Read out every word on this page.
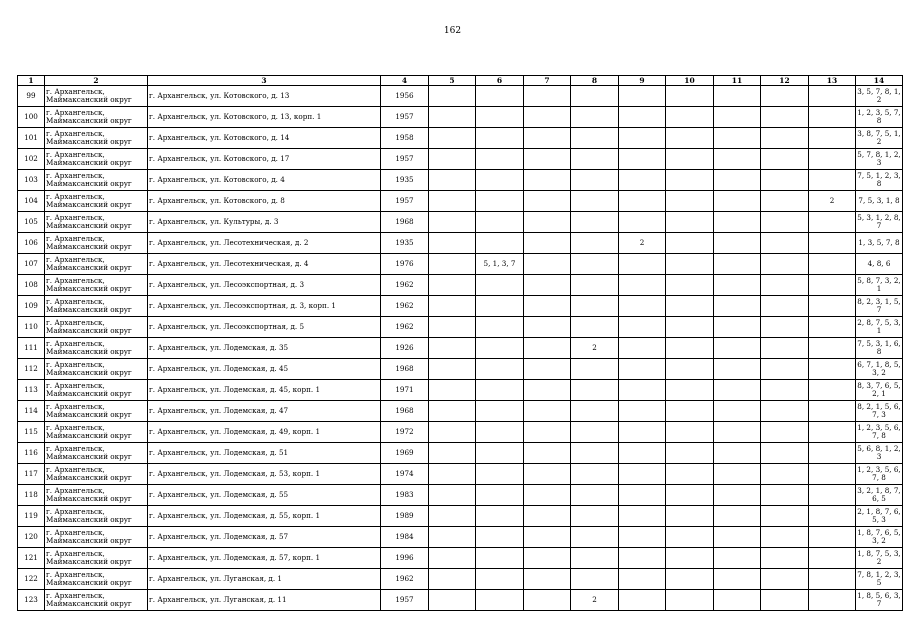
162
1	2	3	4	5	6	7	8	9	10	11	12	13	14
99	г. Архангельск, Маймаксанский округ	г. Архангельск, ул. Котовского, д. 13	1956										3, 5, 7, 8, 1, 2
100	г. Архангельск, Маймаксанский округ	г. Архангельск, ул. Котовского, д. 13, корп. 1	1957										1, 2, 3, 5, 7, 8
101	г. Архангельск, Маймаксанский округ	г. Архангельск, ул. Котовского, д. 14	1958										3, 8, 7, 5, 1, 2
102	г. Архангельск, Маймаксанский округ	г. Архангельск, ул. Котовского, д. 17	1957										5, 7, 8, 1, 2, 3
103	г. Архангельск, Маймаксанский округ	г. Архангельск, ул. Котовского, д. 4	1935										7, 5, 1, 2, 3, 8
104	г. Архангельск, Маймаксанский округ	г. Архангельск, ул. Котовского, д. 8	1957									2	7, 5, 3, 1, 8
105	г. Архангельск, Маймаксанский округ	г. Архангельск, ул. Культуры, д. 3	1968										5, 3, 1, 2, 8, 7
106	г. Архангельск, Маймаксанский округ	г. Архангельск, ул. Лесотехническая, д. 2	1935					2					1, 3, 5, 7, 8
107	г. Архангельск, Маймаксанский округ	г. Архангельск, ул. Лесотехническая, д. 4	1976		5, 1, 3, 7								4, 8, 6
108	г. Архангельск, Маймаксанский округ	г. Архангельск, ул. Лесоэкспортная, д. 3	1962										5, 8, 7, 3, 2, 1
109	г. Архангельск, Маймаксанский округ	г. Архангельск, ул. Лесоэкспортная, д. 3, корп. 1	1962										8, 2, 3, 1, 5, 7
110	г. Архангельск, Маймаксанский округ	г. Архангельск, ул. Лесоэкспортная, д. 5	1962										2, 8, 7, 5, 3, 1
111	г. Архангельск, Маймаксанский округ	г. Архангельск, ул. Лодемская, д. 35	1926				2						7, 5, 3, 1, 6, 8
112	г. Архангельск, Маймаксанский округ	г. Архангельск, ул. Лодемская, д. 45	1968										6, 7, 1, 8, 5, 3, 2
113	г. Архангельск, Маймаксанский округ	г. Архангельск, ул. Лодемская, д. 45, корп. 1	1971										8, 3, 7, 6, 5, 2, 1
114	г. Архангельск, Маймаксанский округ	г. Архангельск, ул. Лодемская, д. 47	1968										8, 2, 1, 5, 6, 7, 3
115	г. Архангельск, Маймаксанский округ	г. Архангельск, ул. Лодемская, д. 49, корп. 1	1972										1, 2, 3, 5, 6, 7, 8
116	г. Архангельск, Маймаксанский округ	г. Архангельск, ул. Лодемская, д. 51	1969										5, 6, 8, 1, 2, 3
117	г. Архангельск, Маймаксанский округ	г. Архангельск, ул. Лодемская, д. 53, корп. 1	1974										1, 2, 3, 5, 6, 7, 8
118	г. Архангельск, Маймаксанский округ	г. Архангельск, ул. Лодемская, д. 55	1983										3, 2, 1, 8, 7, 6, 5
119	г. Архангельск, Маймаксанский округ	г. Архангельск, ул. Лодемская, д. 55, корп. 1	1989										2, 1, 8, 7, 6, 5, 3
120	г. Архангельск, Маймаксанский округ	г. Архангельск, ул. Лодемская, д. 57	1984										1, 8, 7, 6, 5, 3, 2
121	г. Архангельск, Маймаксанский округ	г. Архангельск, ул. Лодемская, д. 57, корп. 1	1996										1, 8, 7, 5, 3, 2
122	г. Архангельск, Маймаксанский округ	г. Архангельск, ул. Луганская, д. 1	1962										7, 8, 1, 2, 3, 5
123	г. Архангельск, Маймаксанский округ	г. Архангельск, ул. Луганская, д. 11	1957				2						1, 8, 5, 6, 3, 7
